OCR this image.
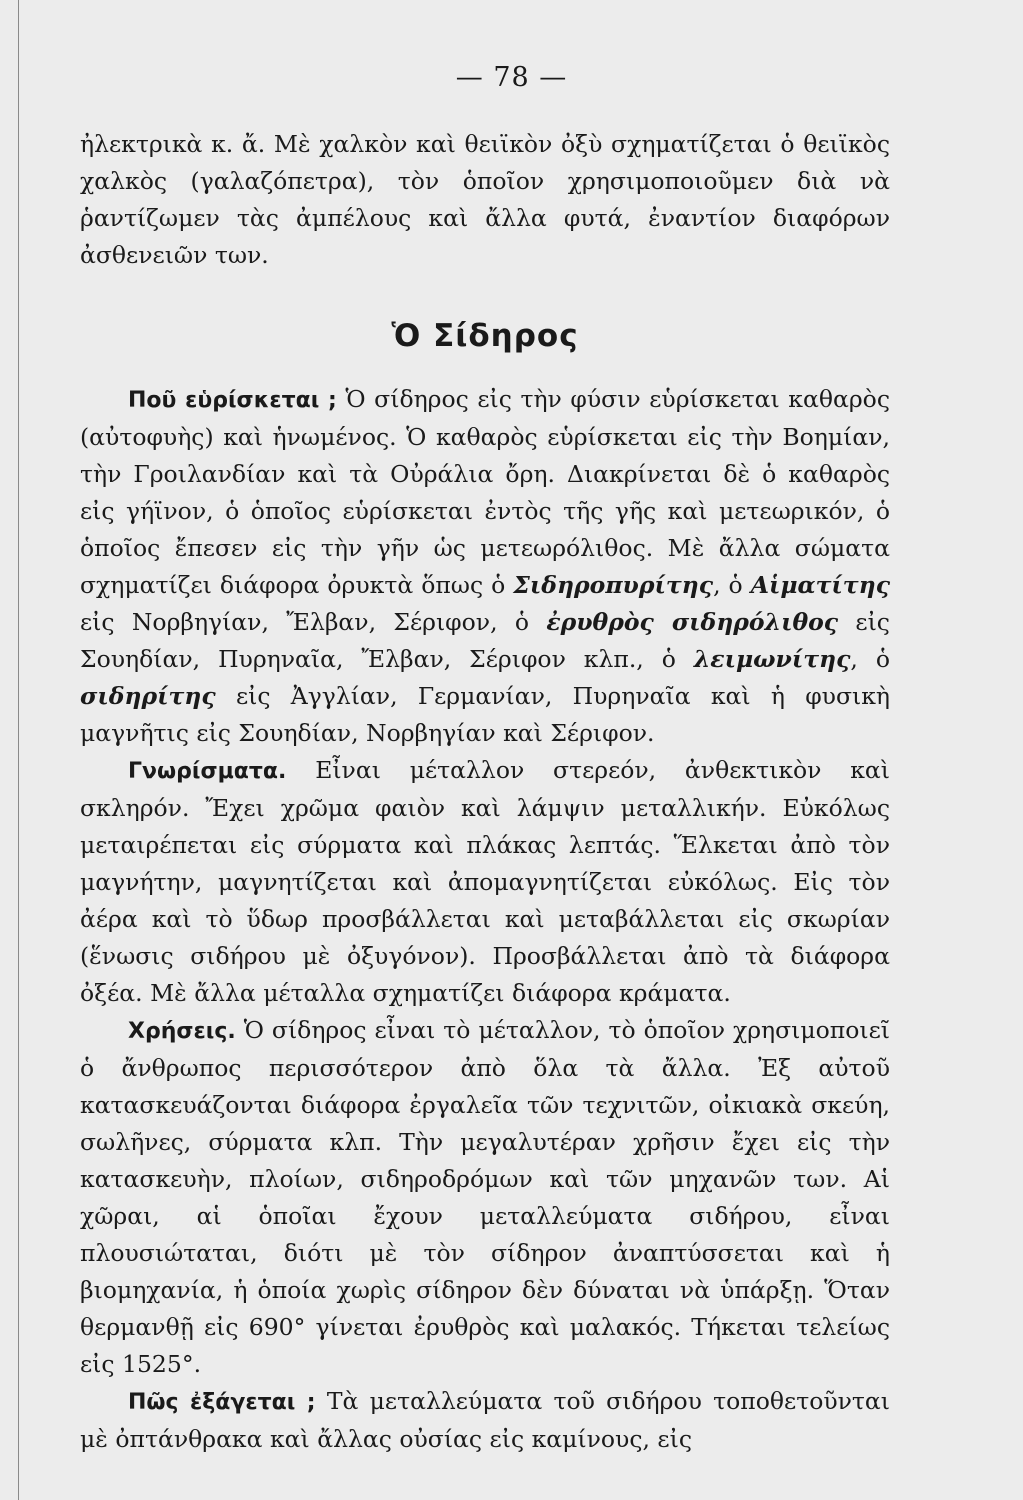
— 78 —

ἠλεκτρικὰ κ. ἄ. Μὲ χαλκὸν καὶ θειϊκὸν ὀξὺ σχηματίζεται ὁ θειϊκὸς χαλκὸς (γαλαζόπετρα), τὸν ὁποῖον χρησιμοποιοῦμεν διὰ νὰ ῥαντίζωμεν τὰς ἀμπέλους καὶ ἄλλα φυτά, ἐναντίον διαφόρων ἀσθενειῶν των.

Ὁ Σίδηρος

Ποῦ εὑρίσκεται ; Ὁ σίδηρος εἰς τὴν φύσιν εὑρίσκεται καθαρὸς (αὐτοφυὴς) καὶ ἡνωμένος. Ὁ καθαρὸς εὑρίσκεται εἰς τὴν Βοημίαν, τὴν Γροιλανδίαν καὶ τὰ Οὐράλια ὄρη. Διακρίνεται δὲ ὁ καθαρὸς εἰς γήϊνον, ὁ ὁποῖος εὑρίσκεται ἐντὸς τῆς γῆς καὶ μετεωρικόν, ὁ ὁποῖος ἔπεσεν εἰς τὴν γῆν ὡς μετεωρόλιθος. Μὲ ἄλλα σώματα σχηματίζει διάφορα ὀρυκτὰ ὅπως ὁ Σιδηροπυρίτης, ὁ Αἱματίτης εἰς Νορβηγίαν, Ἔλβαν, Σέριφον, ὁ ἐρυθρὸς σιδηρόλιθος εἰς Σουηδίαν, Πυρηναῖα, Ἔλβαν, Σέριφον κλπ., ὁ λειμωνίτης, ὁ σιδηρίτης εἰς Ἀγγλίαν, Γερμανίαν, Πυρηναῖα καὶ ἡ φυσικὴ μαγνῆτις εἰς Σουηδίαν, Νορβηγίαν καὶ Σέριφον.

Γνωρίσματα. Εἶναι μέταλλον στερεόν, ἀνθεκτικὸν καὶ σκληρόν. Ἔχει χρῶμα φαιὸν καὶ λάμψιν μεταλλικήν. Εὐκόλως μεταιρέπεται εἰς σύρματα καὶ πλάκας λεπτάς. Ἕλκεται ἀπὸ τὸν μαγνήτην, μαγνητίζεται καὶ ἀπομαγνητίζεται εὐκόλως. Εἰς τὸν ἀέρα καὶ τὸ ὕδωρ προσβάλλεται καὶ μεταβάλλεται εἰς σκωρίαν (ἕνωσις σιδήρου μὲ ὀξυγόνον). Προσβάλλεται ἀπὸ τὰ διάφορα ὀξέα. Μὲ ἄλλα μέταλλα σχηματίζει διάφορα κράματα.

Χρήσεις. Ὁ σίδηρος εἶναι τὸ μέταλλον, τὸ ὁποῖον χρησιμοποιεῖ ὁ ἄνθρωπος περισσότερον ἀπὸ ὅλα τὰ ἄλλα. Ἐξ αὐτοῦ κατασκευάζονται διάφορα ἐργαλεῖα τῶν τεχνιτῶν, οἰκιακὰ σκεύη, σωλῆνες, σύρματα κλπ. Τὴν μεγαλυτέραν χρῆσιν ἔχει εἰς τὴν κατασκευὴν, πλοίων, σιδηροδρόμων καὶ τῶν μηχανῶν των. Αἱ χῶραι, αἱ ὁποῖαι ἔχουν μεταλλεύματα σιδήρου, εἶναι πλουσιώταται, διότι μὲ τὸν σίδηρον ἀναπτύσσεται καὶ ἡ βιομηχανία, ἡ ὁποία χωρὶς σίδηρον δὲν δύναται νὰ ὑπάρξῃ. Ὅταν θερμανθῇ εἰς 690° γίνεται ἐρυθρὸς καὶ μαλακός. Τήκεται τελείως εἰς 1525°.

Πῶς ἐξάγεται ; Τὰ μεταλλεύματα τοῦ σιδήρου τοποθετοῦνται μὲ ὀπτάνθρακα καὶ ἄλλας οὐσίας εἰς καμίνους, εἰς
